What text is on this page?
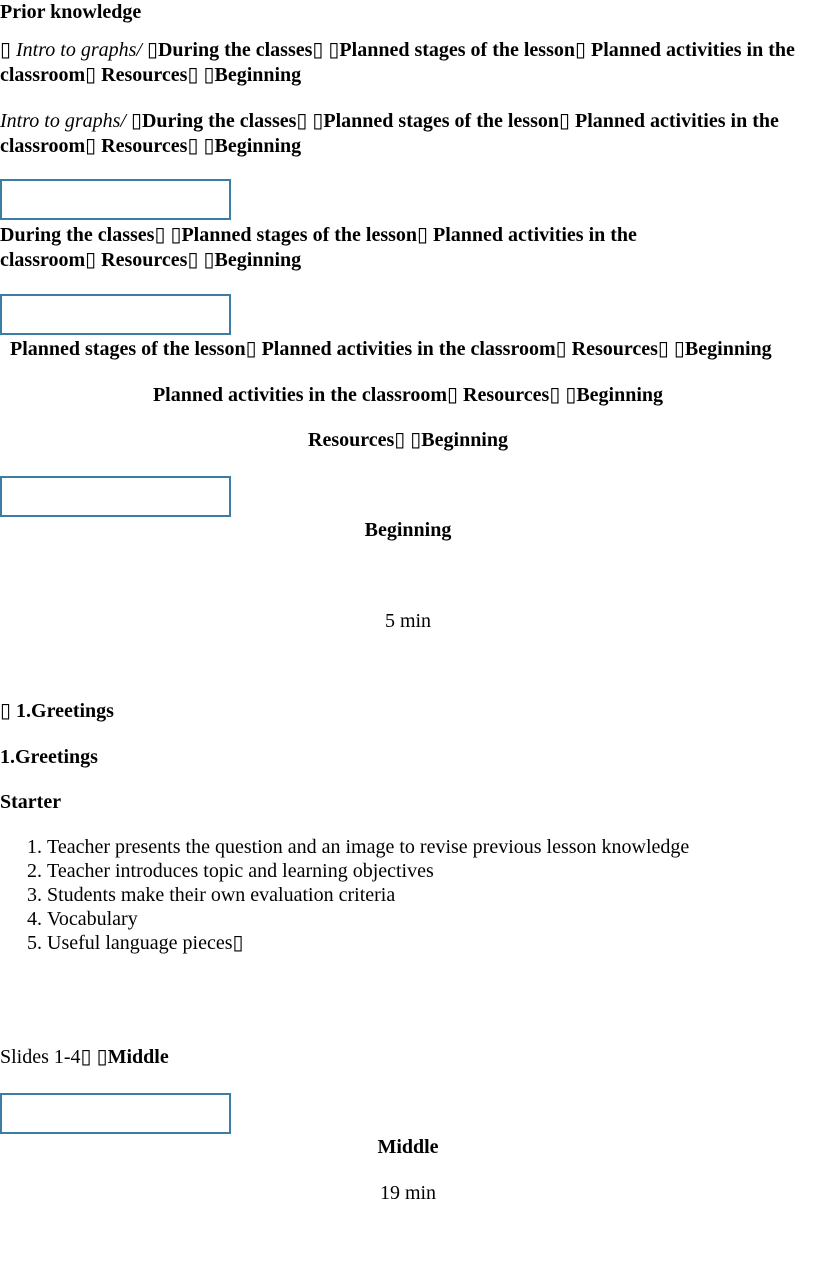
Prior knowledge

▯ Intro to graphs/ ▯During the classes▯ ▯Planned stages of the lesson▯ Planned activities in the classroom▯ Resources▯ ▯Beginning

Intro to graphs/ ▯During the classes▯ ▯Planned stages of the lesson▯ Planned activities in the classroom▯ Resources▯ ▯Beginning

During the classes▯ ▯Planned stages of the lesson▯ Planned activities in the classroom▯ Resources▯ ▯Beginning

Planned stages of the lesson▯ Planned activities in the classroom▯ Resources▯ ▯Beginning

Planned activities in the classroom▯ Resources▯ ▯Beginning

Resources▯ ▯Beginning

Beginning

5 min

▯ 1.Greetings

1.Greetings

Starter

1. Teacher presents the question and an image to revise previous lesson knowledge
2. Teacher introduces topic and learning objectives
3. Students make their own evaluation criteria
4. Vocabulary
5. Useful language pieces▯

Slides 1-4▯ ▯Middle

Middle

19 min
